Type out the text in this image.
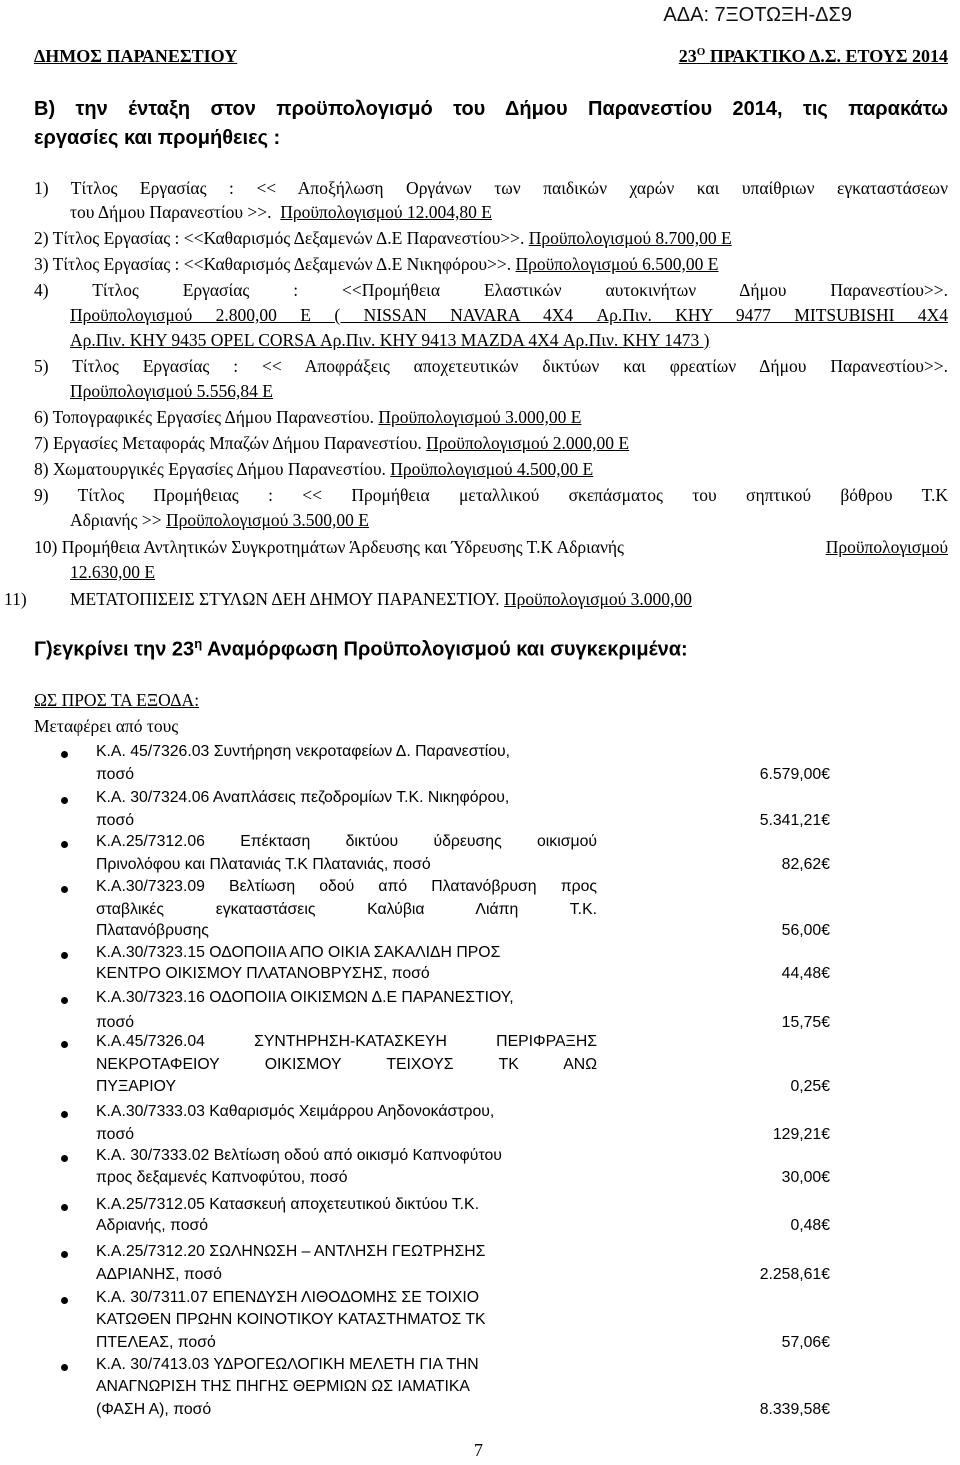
ΑΔΑ: 7ΞΟΤΩΞΗ-ΔΣ9
ΔΗΜΟΣ ΠΑΡΑΝΕΣΤΙΟΥ	$23^O$ ΠΡΑΚΤΙΚΟ Δ.Σ. ΕΤΟΥΣ 2014
Β) την ένταξη στον προϋπολογισμό του Δήμου Παρανεστίου 2014, τις παρακάτω
εργασίες και προμήθειες :
1) Τίτλος Εργασίας : << Αποξήλωση Οργάνων των παιδικών χαρών και υπαίθριων εγκαταστάσεων
του Δήμου Παρανεστίου >>. Προϋπολογισμού 12.004,80 Ε
2) Τίτλος Εργασίας : <<Καθαρισμός Δεξαμενών Δ.Ε Παρανεστίου>>. Προϋπολογισμού 8.700,00 Ε
3) Τίτλος Εργασίας : <<Καθαρισμός Δεξαμενών Δ.Ε Νικηφόρου>>. Προϋπολογισμού 6.500,00 Ε
4) Τίτλος Εργασίας : <<Προμήθεια Ελαστικών αυτοκινήτων Δήμου Παρανεστίου>>.
Προϋπολογισμού 2.800,00 Ε ( NISSAN NAVARA 4X4 Αρ.Πιν. ΚΗΥ 9477 MITSUBISHI 4X4
Αρ.Πιν. ΚΗΥ 9435 OPEL CORSA Αρ.Πιν. ΚΗΥ 9413 MAZDA 4X4 Αρ.Πιν. ΚΗΥ 1473 )
5) Τίτλος Εργασίας : << Αποφράξεις αποχετευτικών δικτύων και φρεατίων Δήμου Παρανεστίου>>.
Προϋπολογισμού 5.556,84 Ε
6) Τοπογραφικές Εργασίες Δήμου Παρανεστίου. Προϋπολογισμού 3.000,00 Ε
7) Εργασίες Μεταφοράς Μπαζών Δήμου Παρανεστίου. Προϋπολογισμού 2.000,00 Ε
8) Χωματουργικές Εργασίες Δήμου Παρανεστίου. Προϋπολογισμού 4.500,00 Ε
9) Τίτλος Προμήθειας : << Προμήθεια μεταλλικού σκεπάσματος του σηπτικού βόθρου Τ.Κ
Αδριανής >> Προϋπολογισμού 3.500,00 Ε
10) Προμήθεια Αντλητικών Συγκροτημάτων Άρδευσης και Ύδρευσης Τ.Κ Αδριανής	Προϋπολογισμού
12.630,00 Ε
11) ΜΕΤΑΤΟΠΙΣΕΙΣ ΣΤΥΛΩΝ ΔΕΗ ΔΗΜΟΥ ΠΑΡΑΝΕΣΤΙΟΥ. Προϋπολογισμού 3.000,00
Γ)εγκρίνει την $23^\eta$ Αναμόρφωση Προϋπολογισμού και συγκεκριμένα:
ΩΣ ΠΡΟΣ ΤΑ ΕΞΟΔΑ:
Μεταφέρει από τους
Κ.Α. 45/7326.03 Συντήρηση νεκροταφείων Δ. Παρανεστίου,
ποσό	6.579,00€
Κ.Α. 30/7324.06 Αναπλάσεις πεζοδρομίων Τ.Κ. Νικηφόρου,
ποσό	5.341,21€
Κ.Α.25/7312.06 Επέκταση δικτύου ύδρευσης οικισμού
Πρινολόφου και Πλατανιάς Τ.Κ Πλατανιάς, ποσό	82,62€
Κ.Α.30/7323.09 Βελτίωση οδού από Πλατανόβρυση προς
σταβλικές εγκαταστάσεις Καλύβια Λιάπη Τ.Κ.
Πλατανόβρυσης	56,00€
Κ.Α.30/7323.15 ΟΔΟΠΟΙΙΑ ΑΠΟ ΟΙΚΙΑ ΣΑΚΑΛΙΔΗ ΠΡΟΣ
ΚΕΝΤΡΟ ΟΙΚΙΣΜΟΥ ΠΛΑΤΑΝΟΒΡΥΣΗΣ, ποσό	44,48€
Κ.Α.30/7323.16 ΟΔΟΠΟΙΙΑ ΟΙΚΙΣΜΩΝ Δ.Ε ΠΑΡΑΝΕΣΤΙΟΥ,
ποσό	15,75€
Κ.Α.45/7326.04 ΣΥΝΤΗΡΗΣΗ-ΚΑΤΑΣΚΕΥΗ ΠΕΡΙΦΡΑΞΗΣ
ΝΕΚΡΟΤΑΦΕΙΟΥ ΟΙΚΙΣΜΟΥ ΤΕΙΧΟΥΣ ΤΚ ΑΝΩ
ΠΥΞΑΡΙΟΥ	0,25€
Κ.Α.30/7333.03 Καθαρισμός Χειμάρρου Αηδονοκάστρου,
ποσό	129,21€
Κ.Α. 30/7333.02 Βελτίωση οδού από οικισμό Καπνοφύτου
προς δεξαμενές Καπνοφύτου, ποσό	30,00€
Κ.Α.25/7312.05 Κατασκευή αποχετευτικού δικτύου Τ.Κ.
Αδριανής, ποσό	0,48€
Κ.Α.25/7312.20 ΣΩΛΗΝΩΣΗ – ΑΝΤΛΗΣΗ ΓΕΩΤΡΗΣΗΣ
ΑΔΡΙΑΝΗΣ, ποσό	2.258,61€
Κ.Α. 30/7311.07 ΕΠΕΝΔΥΣΗ ΛΙΘΟΔΟΜΗΣ ΣΕ ΤΟΙΧΙΟ
ΚΑΤΩΘΕΝ ΠΡΩΗΝ ΚΟΙΝΟΤΙΚΟΥ ΚΑΤΑΣΤΗΜΑΤΟΣ ΤΚ
ΠΤΕΛΕΑΣ, ποσό	57,06€
Κ.Α. 30/7413.03 ΥΔΡΟΓΕΩΛΟΓΙΚΗ ΜΕΛΕΤΗ ΓΙΑ ΤΗΝ
ΑΝΑΓΝΩΡΙΣΗ ΤΗΣ ΠΗΓΗΣ ΘΕΡΜΙΩΝ ΩΣ ΙΑΜΑΤΙΚΑ
(ΦΑΣΗ Α), ποσό	8.339,58€
7
